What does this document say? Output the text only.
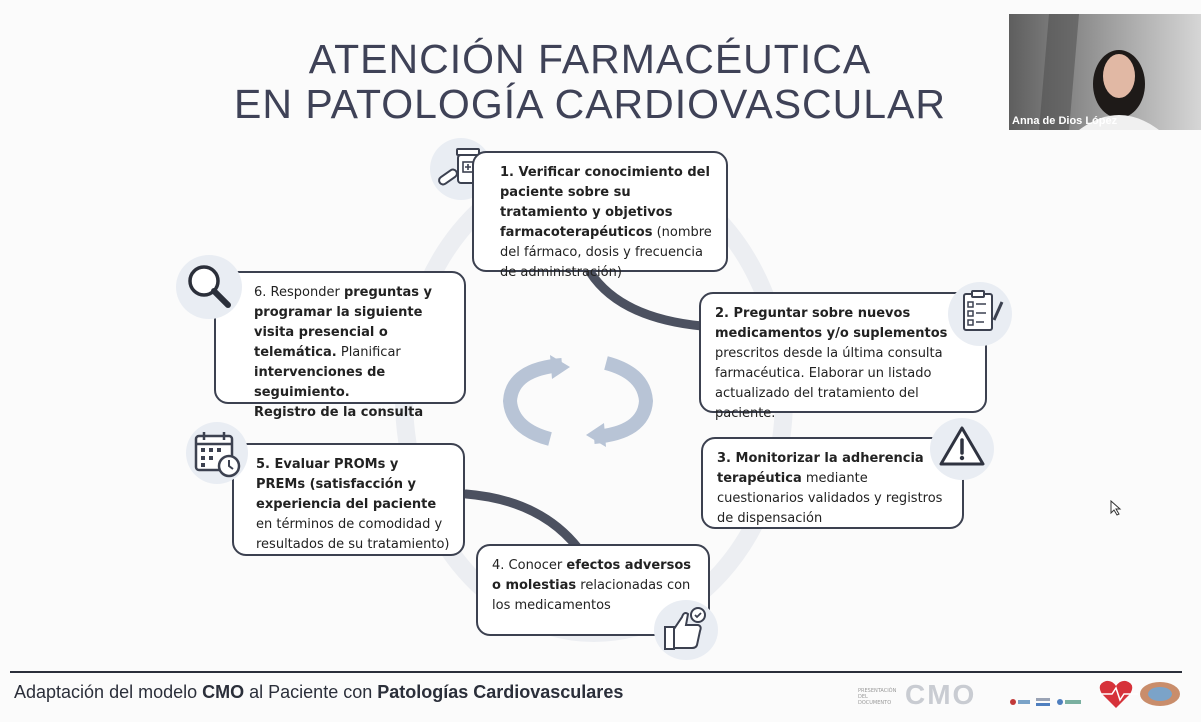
ATENCIÓN FARMACÉUTICA
EN PATOLOGÍA CARDIOVASCULAR
1. Verificar conocimiento del paciente sobre su tratamiento y objetivos farmacoterapéuticos (nombre del fármaco, dosis y frecuencia de administración)
2. Preguntar sobre nuevos medicamentos y/o suplementos prescritos desde la última consulta farmacéutica. Elaborar un listado actualizado del tratamiento del paciente.
3. Monitorizar la adherencia terapéutica mediante cuestionarios validados y registros de dispensación
4. Conocer efectos adversos o molestias relacionadas con los medicamentos
5. Evaluar PROMs y PREMs (satisfacción y experiencia del paciente en términos de comodidad y resultados de su tratamiento)
6. Responder preguntas y programar la siguiente visita presencial o telemática. Planificar intervenciones de seguimiento.
Registro de la consulta
Adaptación del modelo CMO al Paciente con Patologías Cardiovasculares	PRESENTACIÓN DEL DOCUMENTO CMO
Anna de Dios López
